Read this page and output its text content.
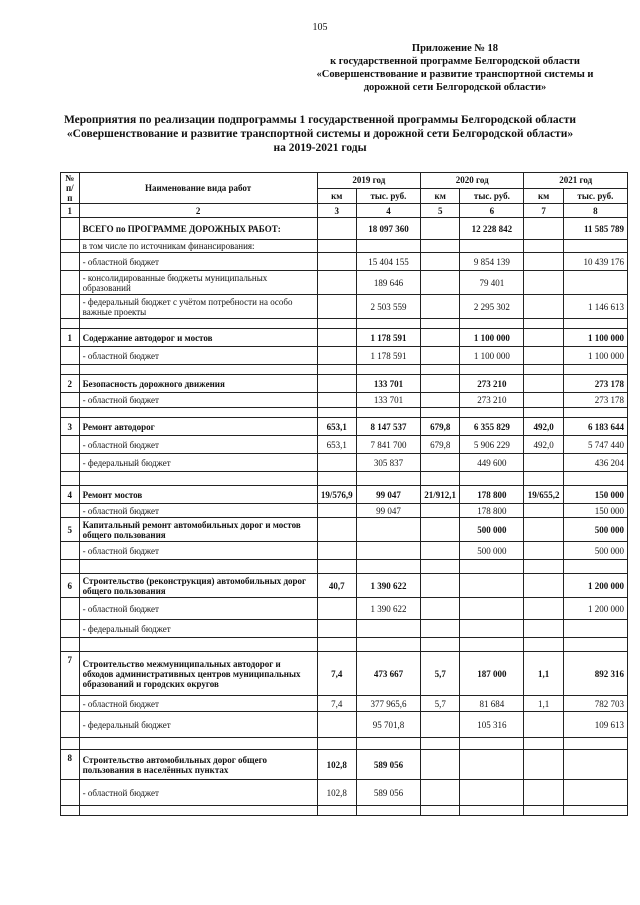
105
Приложение № 18
к государственной программе Белгородской области
«Совершенствование и развитие транспортной системы и
дорожной сети Белгородской области»
Мероприятия по реализации подпрограммы 1 государственной программы Белгородской области
«Совершенствование и развитие транспортной системы и дорожной сети Белгородской области»
на 2019-2021 годы
№ п/п	Наименование вида работ	2019 год		2020 год		2021 год	
		км	тыс. руб.	км	тыс. руб.	км	тыс. руб.
1	2	3	4	5	6	7	8
	ВСЕГО по ПРОГРАММЕ ДОРОЖНЫХ РАБОТ:		18 097 360		12 228 842		11 585 789
	в том числе по источникам финансирования:						
	- областной бюджет		15 404 155		9 854 139		10 439 176
	- консолидированные бюджеты муниципальных образований		189 646		79 401		
	- федеральный бюджет с учётом потребности на особо важные проекты		2 503 559		2 295 302		1 146 613

1	Содержание автодорог и мостов		1 178 591		1 100 000		1 100 000
	- областной бюджет		1 178 591		1 100 000		1 100 000

2	Безопасность дорожного движения		133 701		273 210		273 178
	- областной бюджет		133 701		273 210		273 178

3	Ремонт автодорог	653,1	8 147 537	679,8	6 355 829	492,0	6 183 644
	- областной бюджет	653,1	7 841 700	679,8	5 906 229	492,0	5 747 440
	- федеральный бюджет		305 837		449 600		436 204

4	Ремонт мостов	19/576,9	99 047	21/912,1	178 800	19/655,2	150 000
	- областной бюджет		99 047		178 800		150 000
5	Капитальный ремонт автомобильных дорог и мостов общего пользования				500 000		500 000
	- областной бюджет				500 000		500 000

6	Строительство (реконструкция) автомобильных дорог общего пользования	40,7	1 390 622				1 200 000
	- областной бюджет		1 390 622				1 200 000
	- федеральный бюджет						

7	Строительство межмуниципальных автодорог и обходов административных центров муниципальных образований и городских округов	7,4	473 667	5,7	187 000	1,1	892 316
	- областной бюджет	7,4	377 965,6	5,7	81 684	1,1	782 703
	- федеральный бюджет		95 701,8		105 316		109 613

8	Строительство автомобильных дорог общего пользования в населённых пунктах	102,8	589 056				
	- областной бюджет	102,8	589 056				
